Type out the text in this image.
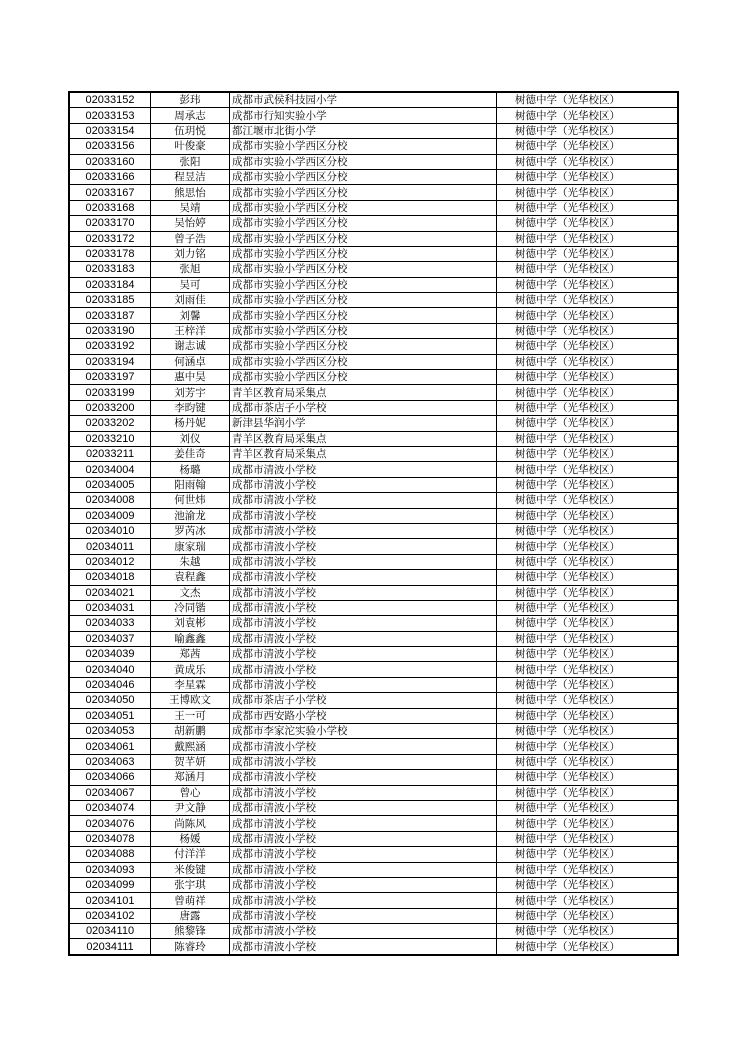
02033152	彭玮	成都市武侯科技园小学	树德中学（光华校区）
02033153	周承志	成都市行知实验小学	树德中学（光华校区）
02033154	伍玥悦	都江堰市北街小学	树德中学（光华校区）
02033156	叶俊豪	成都市实验小学西区分校	树德中学（光华校区）
02033160	张阳	成都市实验小学西区分校	树德中学（光华校区）
02033166	程昱洁	成都市实验小学西区分校	树德中学（光华校区）
02033167	熊思怡	成都市实验小学西区分校	树德中学（光华校区）
02033168	吴靖	成都市实验小学西区分校	树德中学（光华校区）
02033170	吴怡婷	成都市实验小学西区分校	树德中学（光华校区）
02033172	曾子浩	成都市实验小学西区分校	树德中学（光华校区）
02033178	刘力铭	成都市实验小学西区分校	树德中学（光华校区）
02033183	张旭	成都市实验小学西区分校	树德中学（光华校区）
02033184	吴可	成都市实验小学西区分校	树德中学（光华校区）
02033185	刘雨佳	成都市实验小学西区分校	树德中学（光华校区）
02033187	刘馨	成都市实验小学西区分校	树德中学（光华校区）
02033190	王梓洋	成都市实验小学西区分校	树德中学（光华校区）
02033192	谢志诚	成都市实验小学西区分校	树德中学（光华校区）
02033194	何涵卓	成都市实验小学西区分校	树德中学（光华校区）
02033197	惠中昊	成都市实验小学西区分校	树德中学（光华校区）
02033199	刘芳宇	青羊区教育局采集点	树德中学（光华校区）
02033200	李昀键	成都市茶店子小学校	树德中学（光华校区）
02033202	杨丹妮	新津县华润小学	树德中学（光华校区）
02033210	刘仪	青羊区教育局采集点	树德中学（光华校区）
02033211	姜佳奇	青羊区教育局采集点	树德中学（光华校区）
02034004	杨璐	成都市清波小学校	树德中学（光华校区）
02034005	阳雨翰	成都市清波小学校	树德中学（光华校区）
02034008	何世炜	成都市清波小学校	树德中学（光华校区）
02034009	池渝龙	成都市清波小学校	树德中学（光华校区）
02034010	罗芮冰	成都市清波小学校	树德中学（光华校区）
02034011	康家瑞	成都市清波小学校	树德中学（光华校区）
02034012	朱越	成都市清波小学校	树德中学（光华校区）
02034018	袁程鑫	成都市清波小学校	树德中学（光华校区）
02034021	文杰	成都市清波小学校	树德中学（光华校区）
02034031	冷同锴	成都市清波小学校	树德中学（光华校区）
02034033	刘袁彬	成都市清波小学校	树德中学（光华校区）
02034037	喻鑫鑫	成都市清波小学校	树德中学（光华校区）
02034039	郑茜	成都市清波小学校	树德中学（光华校区）
02034040	黄成乐	成都市清波小学校	树德中学（光华校区）
02034046	李星霖	成都市清波小学校	树德中学（光华校区）
02034050	王博欧文	成都市茶店子小学校	树德中学（光华校区）
02034051	王一可	成都市西安路小学校	树德中学（光华校区）
02034053	胡新鹏	成都市李家沱实验小学校	树德中学（光华校区）
02034061	戴熙涵	成都市清波小学校	树德中学（光华校区）
02034063	贺芊妍	成都市清波小学校	树德中学（光华校区）
02034066	郑涵月	成都市清波小学校	树德中学（光华校区）
02034067	曾心	成都市清波小学校	树德中学（光华校区）
02034074	尹文静	成都市清波小学校	树德中学（光华校区）
02034076	尚陈风	成都市清波小学校	树德中学（光华校区）
02034078	杨媛	成都市清波小学校	树德中学（光华校区）
02034088	付洋洋	成都市清波小学校	树德中学（光华校区）
02034093	米俊键	成都市清波小学校	树德中学（光华校区）
02034099	张宇琪	成都市清波小学校	树德中学（光华校区）
02034101	曾萌祥	成都市清波小学校	树德中学（光华校区）
02034102	唐露	成都市清波小学校	树德中学（光华校区）
02034110	熊黎锋	成都市清波小学校	树德中学（光华校区）
02034111	陈睿玲	成都市清波小学校	树德中学（光华校区）
